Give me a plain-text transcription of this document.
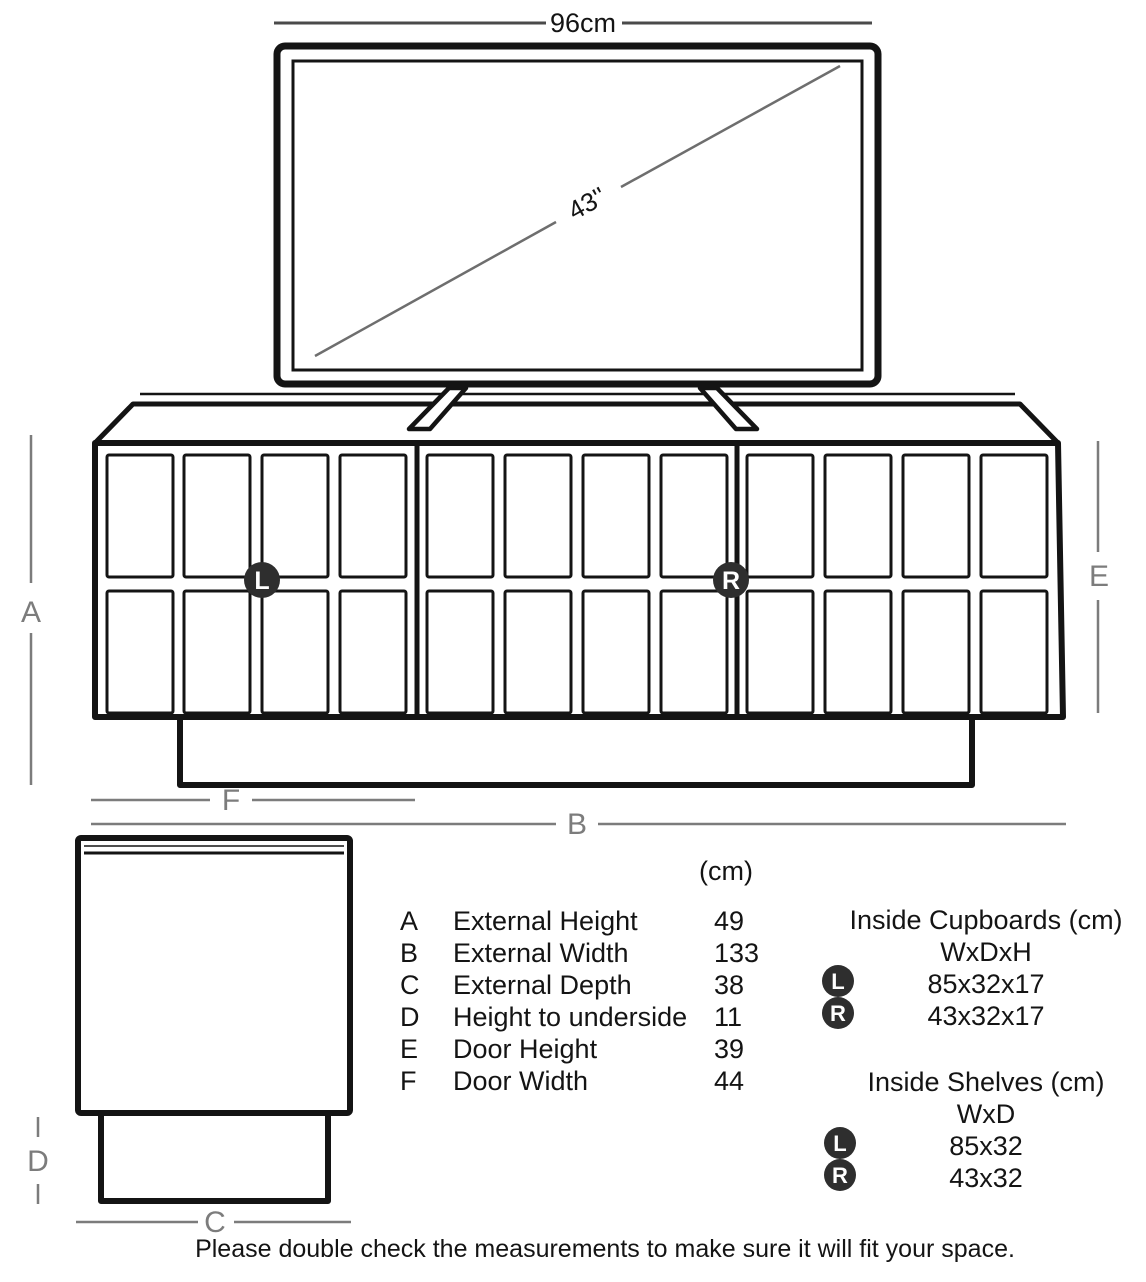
96cm
L	R
43''
A
E
F
B
D
C
(cm)
A External Height	49
B External Width	133
C External Depth	38
D Height to underside 11
E Door Height	39
F Door Width	44
Inside Cupboards (cm)
WxDxH
L	85x32x17
R	43x32x17
Inside Shelves (cm)
WxD
L	85x32
R	43x32
Please double check the measurements to make sure it will fit your space.
